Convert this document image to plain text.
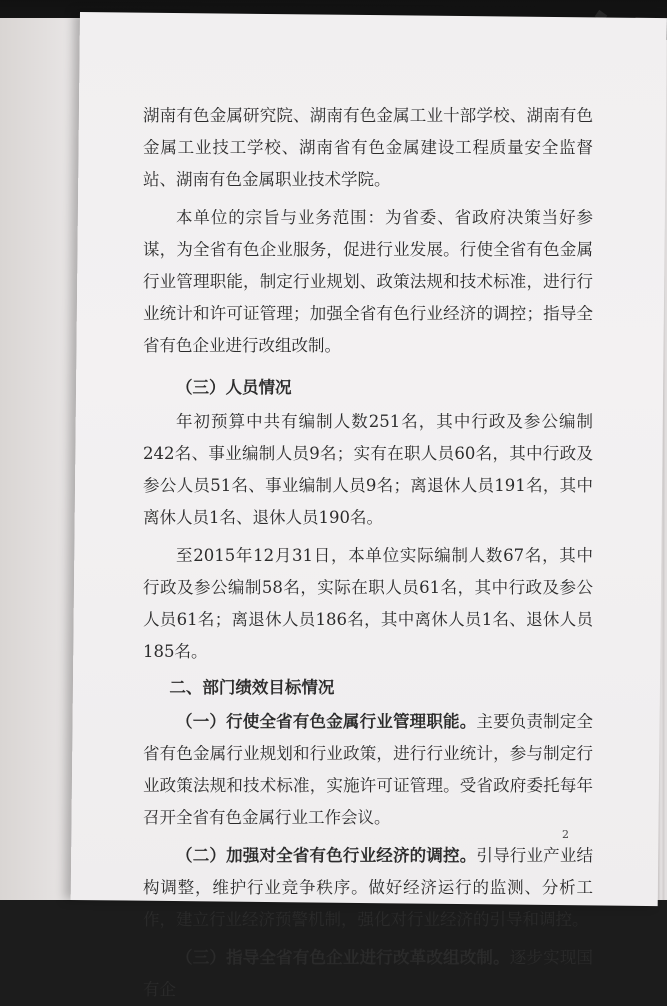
湖南有色金属研究院、湖南有色金属工业十部学校、湖南有色金属工业技工学校、湖南省有色金属建设工程质量安全监督站、湖南有色金属职业技术学院。

本单位的宗旨与业务范围：为省委、省政府决策当好参谋，为全省有色企业服务，促进行业发展。行使全省有色金属行业管理职能，制定行业规划、政策法规和技术标准，进行行业统计和许可证管理；加强全省有色行业经济的调控；指导全省有色企业进行改组改制。

（三）人员情况

年初预算中共有编制人数251名，其中行政及参公编制242名、事业编制人员9名；实有在职人员60名，其中行政及参公人员51名、事业编制人员9名；离退休人员191名，其中离休人员1名、退休人员190名。

至2015年12月31日，本单位实际编制人数67名，其中行政及参公编制58名，实际在职人员61名，其中行政及参公人员61名；离退休人员186名，其中离休人员1名、退休人员185名。

二、部门绩效目标情况

（一）行使全省有色金属行业管理职能。主要负责制定全省有色金属行业规划和行业政策，进行行业统计，参与制定行业政策法规和技术标准，实施许可证管理。受省政府委托每年召开全省有色金属行业工作会议。

（二）加强对全省有色行业经济的调控。引导行业产业结构调整，维护行业竞争秩序。做好经济运行的监测、分析工作，建立行业经济预警机制，强化对行业经济的引导和调控。

（三）指导全省有色企业进行改革改组改制。逐步实现国有企

2
